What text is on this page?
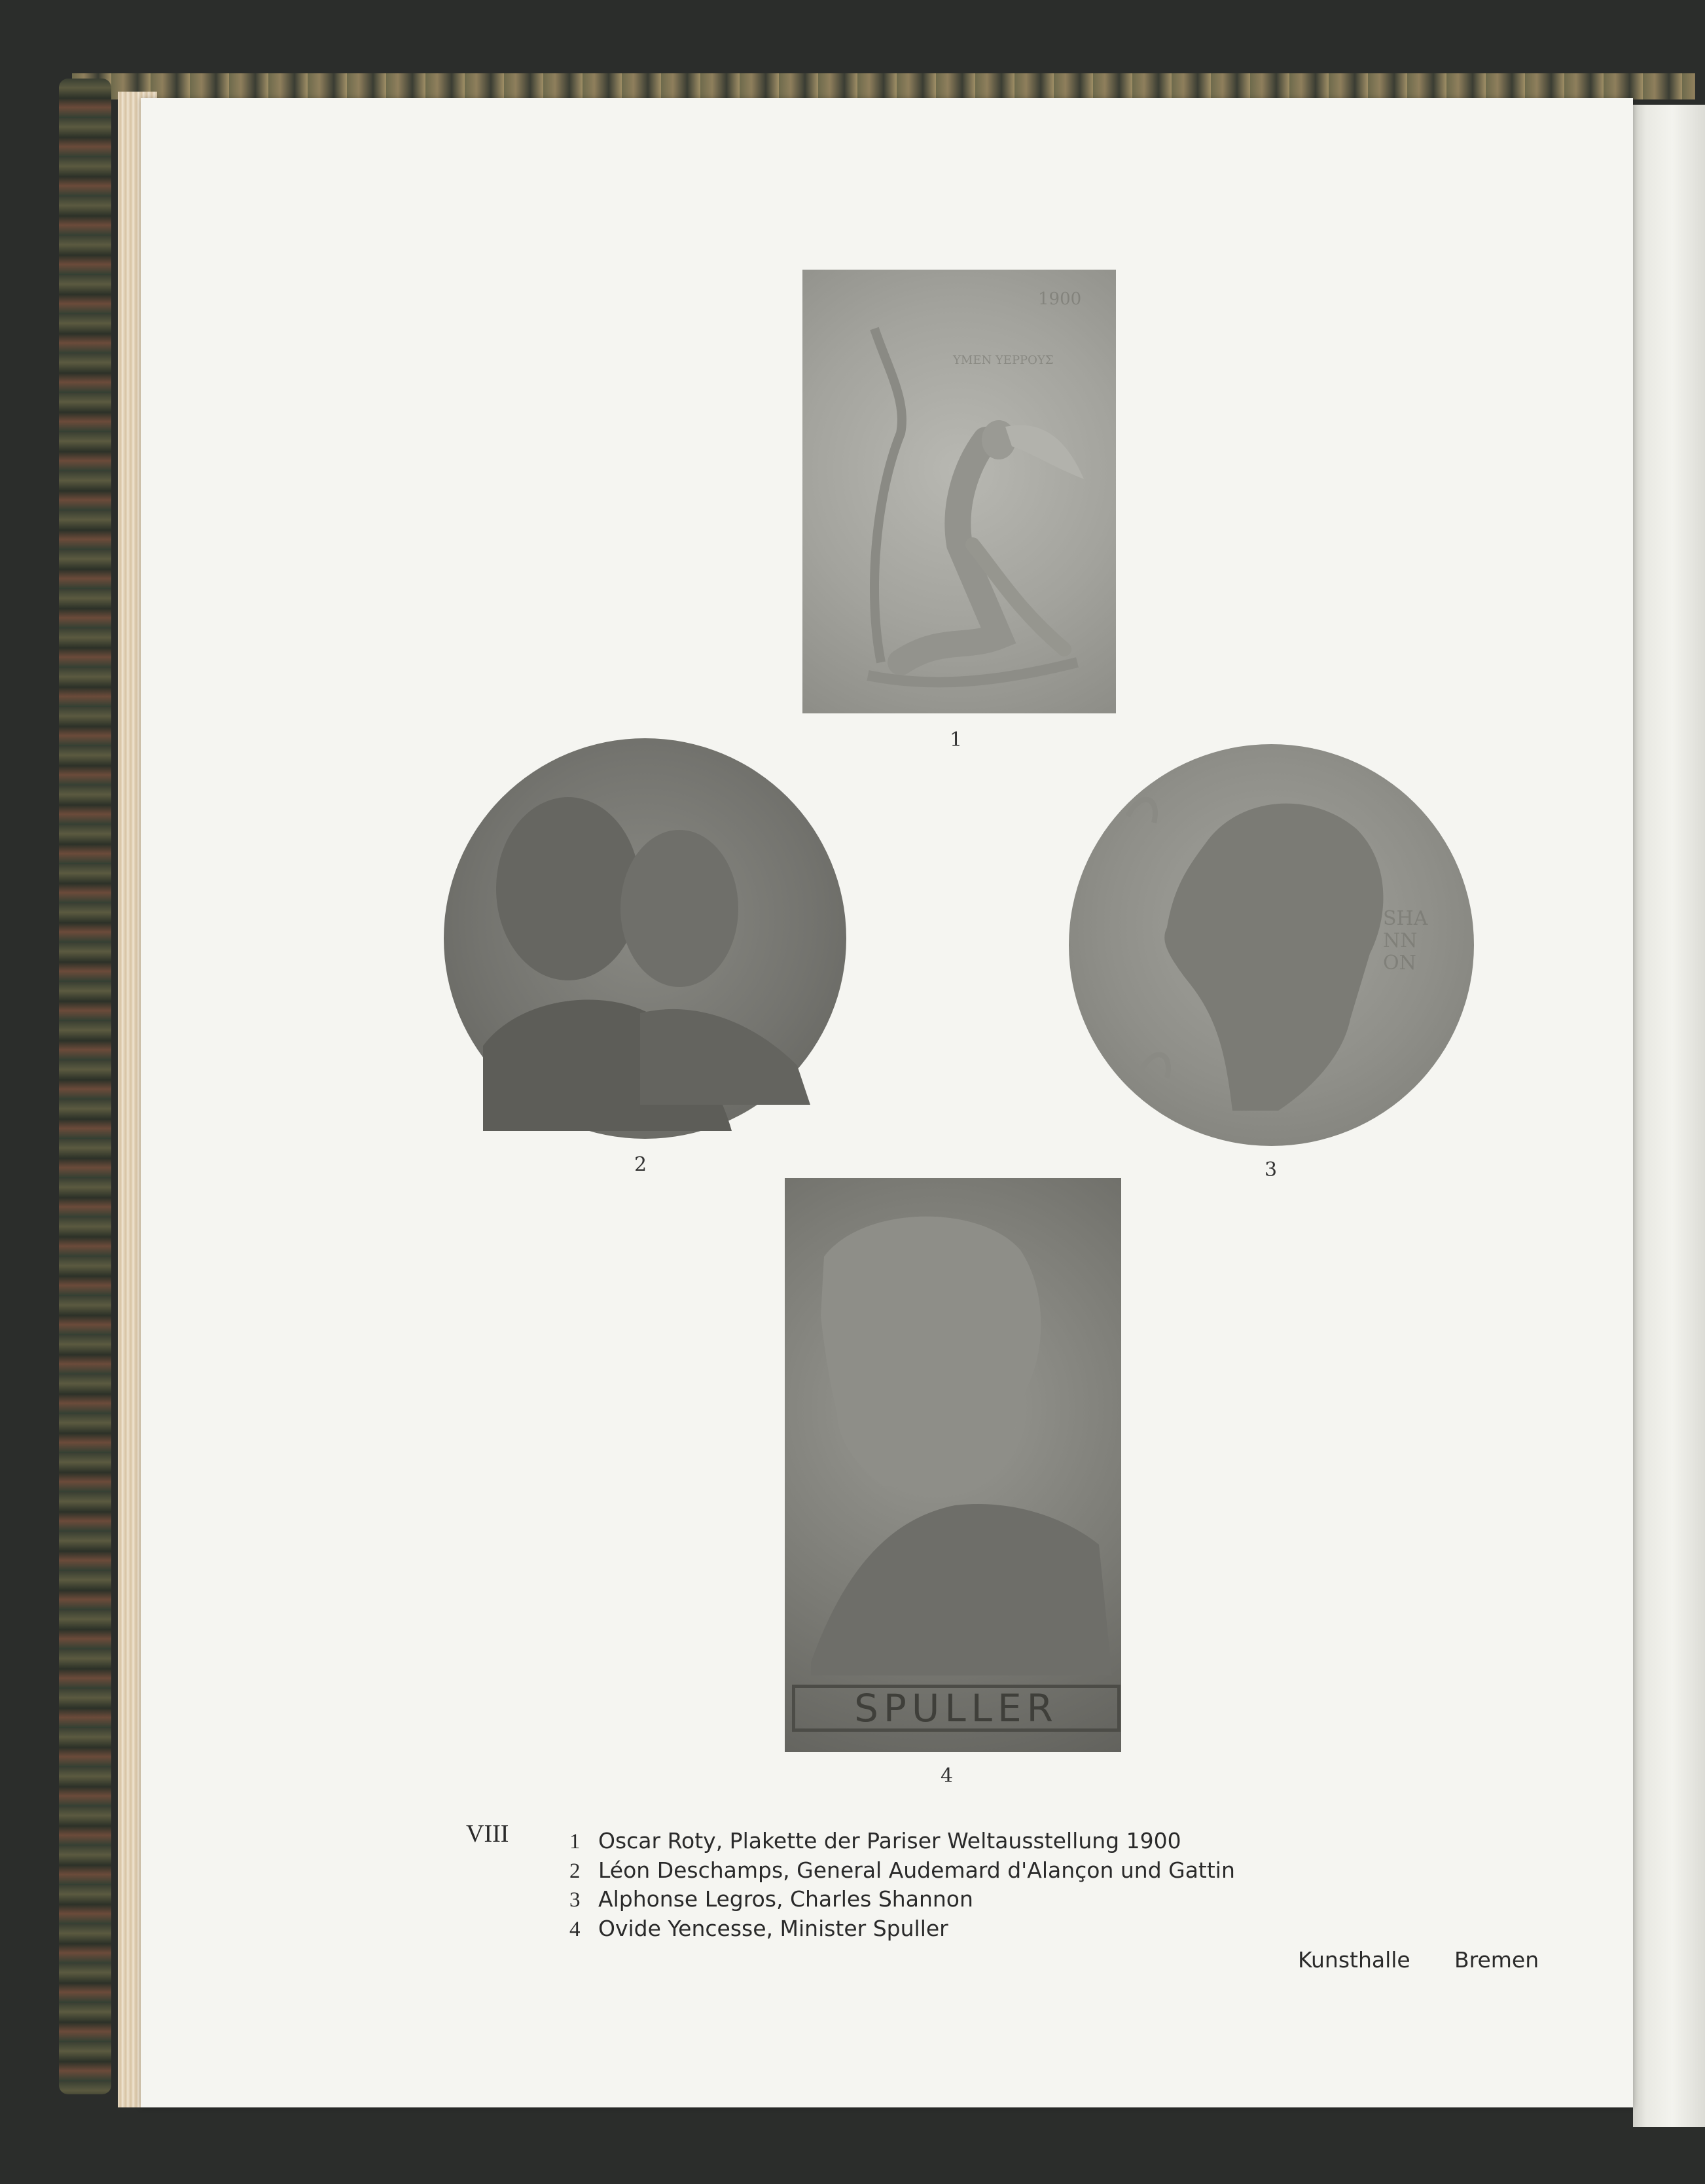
ΥΜΕΝ ΥΕΡΡΟΥΣ
1900
1
2
SHANNON
3
SPULLER
4
VIII	1 Oscar Roty, Plakette der Pariser Weltausstellung 1900
2 Léon Deschamps, General Audemard d'Alançon und Gattin
3 Alphonse Legros, Charles Shannon
4 Ovide Yencesse, Minister Spuller
Kunsthalle Bremen
